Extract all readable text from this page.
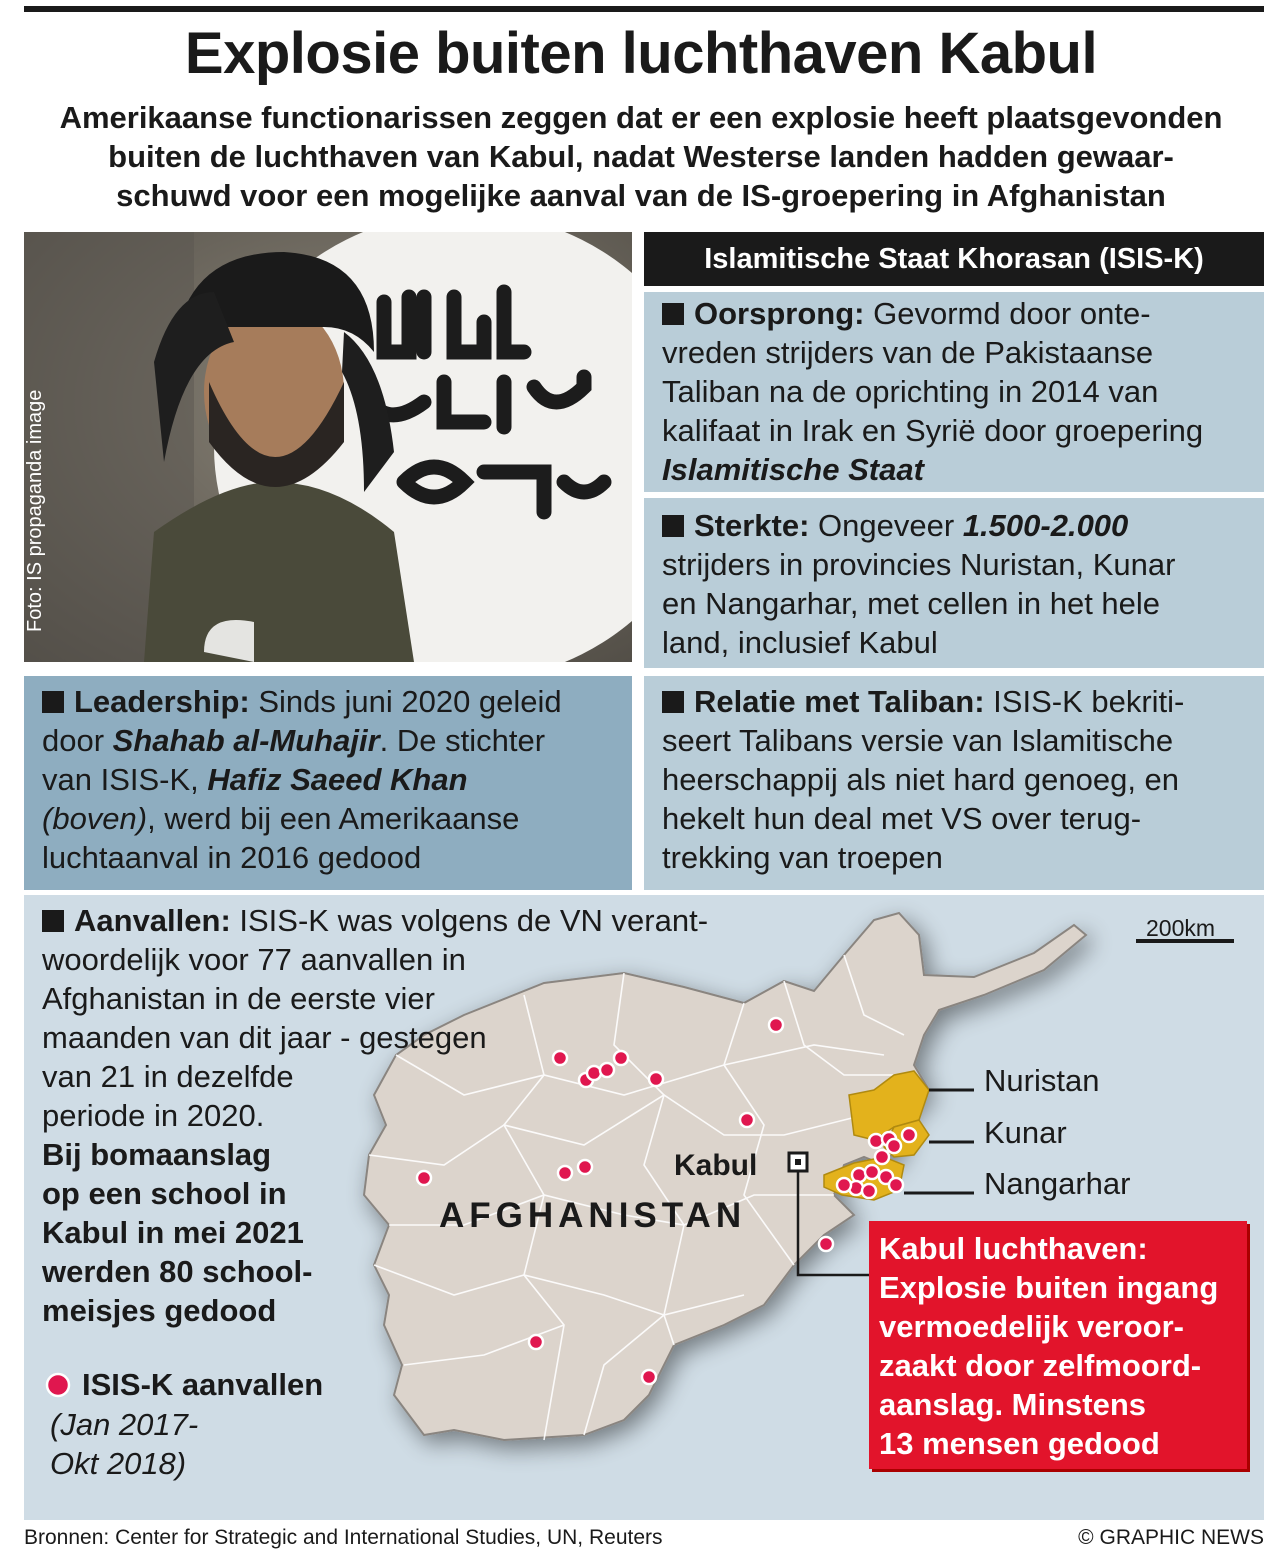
Explosie buiten luchthaven Kabul
Amerikaanse functionarissen zeggen dat er een explosie heeft plaatsgevonden
buiten de luchthaven van Kabul, nadat Westerse landen hadden gewaar-
schuwd voor een mogelijke aanval van de IS-groepering in Afghanistan
Foto: IS propaganda image
Islamitische Staat Khorasan (ISIS-K)
Oorsprong: Gevormd door onte-
vreden strijders van de Pakistaanse
Taliban na de oprichting in 2014 van
kalifaat in Irak en Syrië door groepering
Islamitische Staat
Sterkte: Ongeveer 1.500-2.000
strijders in provincies Nuristan, Kunar
en Nangarhar, met cellen in het hele
land, inclusief Kabul
Leadership: Sinds juni 2020 geleid
door Shahab al-Muhajir. De stichter
van ISIS-K, Hafiz Saeed Khan
(boven), werd bij een Amerikaanse
luchtaanval in 2016 gedood
Relatie met Taliban: ISIS-K bekriti-
seert Talibans versie van Islamitische
heerschappij als niet hard genoeg, en
hekelt hun deal met VS over terug-
trekking van troepen
AFGHANISTAN
Kabul
200km
Nuristan
Kunar
Nangarhar
Aanvallen: ISIS-K was volgens de VN verant-
woordelijk voor 77 aanvallen in
Afghanistan in de eerste vier
maanden van dit jaar - gestegen
van 21 in dezelfde
periode in 2020.
Bij bomaanslag
op een school in
Kabul in mei 2021
werden 80 school-
meisjes gedood
ISIS-K aanvallen
(Jan 2017-
Okt 2018)
Kabul luchthaven:
Explosie buiten ingang
vermoedelijk veroor-
zaakt door zelfmoord-
aanslag. Minstens
13 mensen gedood
Bronnen: Center for Strategic and International Studies, UN, Reuters	© GRAPHIC NEWS
